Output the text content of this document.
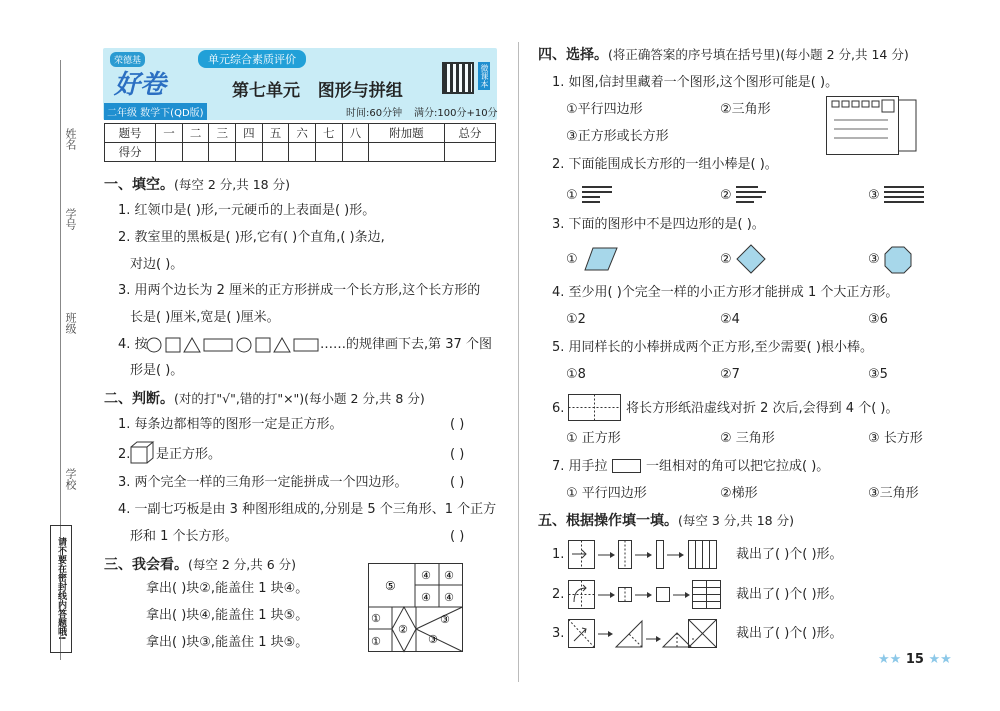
姓名
学号
班级
学校
请不要在密封线内答题哦!
荣德基
好卷
二年级 数学下(QD版)
单元综合素质评价
第七单元   图形与拼组
时间:60分钟 满分:100分+10分
微课本
题号	一	二	三	四	五	六	七	八	附加题	总分
得分										
一、填空。(每空 2 分,共 18 分)
1. 红领巾是( )形,一元硬币的上表面是( )形。
2. 教室里的黑板是( )形,它有( )个直角,( )条边,
对边( )。
3. 用两个边长为 2 厘米的正方形拼成一个长方形,这个长方形的
长是( )厘米,宽是( )厘米。
4. 按	……的规律画下去,第 37 个图
形是( )。
二、判断。(对的打"√",错的打"×")(每小题 2 分,共 8 分)
1. 每条边都相等的图形一定是正方形。	( )
2. 是正方形。	( )
3. 两个完全一样的三角形一定能拼成一个四边形。	( )
4. 一副七巧板是由 3 种图形组成的,分别是 5 个三角形、1 个正方
( )
形和 1 个长方形。
三、我会看。(每空 2 分,共 6 分)
拿出( )块②,能盖住 1 块④。
拿出( )块④,能盖住 1 块⑤。
拿出( )块③,能盖住 1 块⑤。
⑤
④ ④
④ ④
①
①
②
③
③
四、选择。(将正确答案的序号填在括号里)(每小题 2 分,共 14 分)
1. 如图,信封里藏着一个图形,这个图形可能是( )。
①平行四边形	②三角形
③正方形或长方形
2. 下面能围成长方形的一组小棒是( )。
①	②	③
3. 下面的图形中不是四边形的是( )。
①	②	③
4. 至少用( )个完全一样的小正方形才能拼成 1 个大正方形。
①2	②4	③6
5. 用同样长的小棒拼成两个正方形,至少需要( )根小棒。
①8	②7	③5
6.	将长方形纸沿虚线对折 2 次后,会得到 4 个( )。
① 正方形	② 三角形	③ 长方形
7. 用手拉	一组相对的角可以把它拉成( )。
① 平行四边形	②梯形	③三角形
五、根据操作填一填。(每空 3 分,共 18 分)
1.	裁出了( )个( )形。
2.	裁出了( )个( )形。
3.	裁出了( )个( )形。
★★ 15 ★★
